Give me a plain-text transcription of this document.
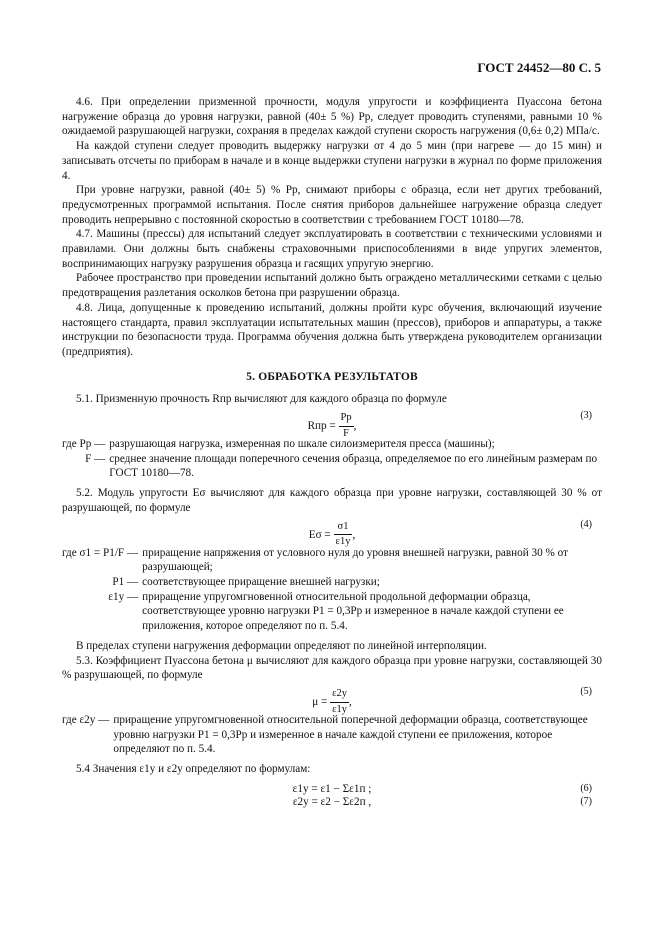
ГОСТ 24452—80 С. 5

4.6. При определении призменной прочности, модуля упругости и коэффициента Пуассона бетона нагружение образца до уровня нагрузки, равной (40± 5 %) Pр, следует проводить ступенями, равными 10 % ожидаемой разрушающей нагрузки, сохраняя в пределах каждой ступени скорость нагружения (0,6± 0,2) МПа/с.

На каждой ступени следует проводить выдержку нагрузки от 4 до 5 мин (при нагреве — до 15 мин) и записывать отсчеты по приборам в начале и в конце выдержки ступени нагрузки в журнал по форме приложения 4.

При уровне нагрузки, равной (40± 5) % Pр, снимают приборы с образца, если нет других требований, предусмотренных программой испытания. После снятия приборов дальнейшее нагружение образца следует проводить непрерывно с постоянной скоростью в соответствии с требованием ГОСТ 10180—78.

4.7. Машины (прессы) для испытаний следует эксплуатировать в соответствии с техническими условиями и правилами. Они должны быть снабжены страховочными приспособлениями в виде упругих элементов, воспринимающих нагрузку разрушения образца и гасящих упругую энергию.

Рабочее пространство при проведении испытаний должно быть ограждено металлическими сетками с целью предотвращения разлетания осколков бетона при разрушении образца.

4.8. Лица, допущенные к проведению испытаний, должны пройти курс обучения, включающий изучение настоящего стандарта, правил эксплуатации испытательных машин (прессов), приборов и аппаратуры, а также инструкции по безопасности труда. Программа обучения должна быть утверждена руководителем организации (предприятия).

5. ОБРАБОТКА РЕЗУЛЬТАТОВ

5.1. Призменную прочность Rпр вычисляют для каждого образца по формуле

Rпр = $\frac{Pр}{F}$ ,
(3)
где Pр —	разрушающая нагрузка, измеренная по шкале силоизмерителя пресса (машины);
F —	среднее значение площади поперечного сечения образца, определяемое по его линейным размерам по ГОСТ 10180—78.

5.2. Модуль упругости Eσ вычисляют для каждого образца при уровне нагрузки, составляющей 30 % от разрушающей, по формуле

$E\sigma = \frac{\sigma 1}{\varepsilon 1y}$ ,
(4)
где σ1 = P1/F —	приращение напряжения от условного нуля до уровня внешней нагрузки, равной 30 % от разрушающей;
P1 —	соответствующее приращение внешней нагрузки;
ε1y —	приращение упругомгновенной относительной продольной деформации образца, соответствующее уровню нагрузки P1 = 0,3Pр и измеренное в начале каждой ступени ее приложения, которое определяют по п. 5.4.

В пределах ступени нагружения деформации определяют по линейной интерполяции.

5.3. Коэффициент Пуассона бетона μ вычисляют для каждого образца при уровне нагрузки, составляющей 30 % разрушающей, по формуле

$\mu = \frac{\varepsilon 2y}{\varepsilon 1y}$ ,
(5)
где ε2y —	приращение упругомгновенной относительной поперечной деформации образца, соответствующее уровню нагрузки P1 = 0,3Pр и измеренное в начале каждой ступени ее приложения, которое определяют по п. 5.4.

5.4 Значения ε1y и ε2y определяют по формулам:

ε1y = ε1 − Σε1п ;	(6)
ε2y = ε2 − Σε2п ,	(7)
